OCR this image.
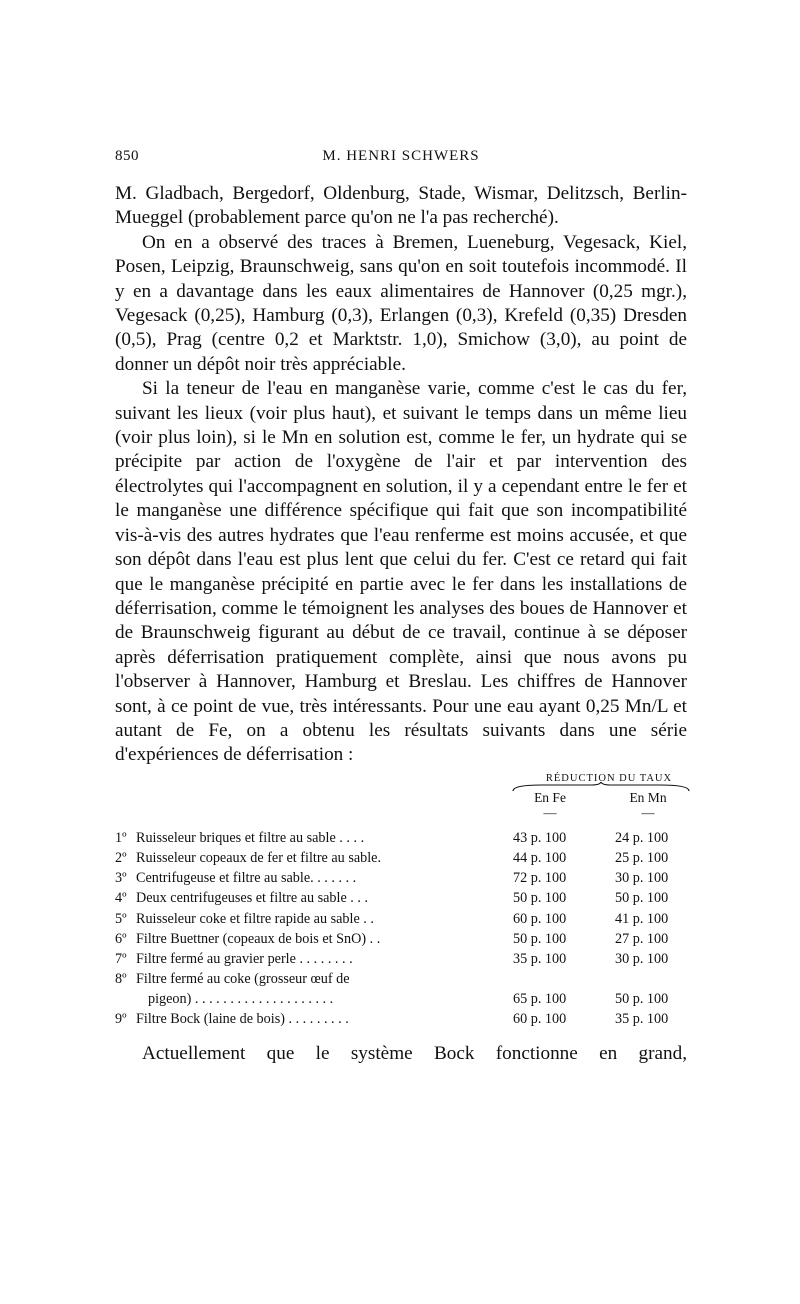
850	M. HENRI SCHWERS

M. Gladbach, Bergedorf, Oldenburg, Stade, Wismar, Delitzsch, Berlin-Mueggel (probablement parce qu'on ne l'a pas recherché).

On en a observé des traces à Bremen, Lueneburg, Vegesack, Kiel, Posen, Leipzig, Braunschweig, sans qu'on en soit toutefois incommodé. Il y en a davantage dans les eaux alimentaires de Hannover (0,25 mgr.), Vegesack (0,25), Hamburg (0,3), Erlangen (0,3), Krefeld (0,35) Dresden (0,5), Prag (centre 0,2 et Marktstr. 1,0), Smichow (3,0), au point de donner un dépôt noir très appréciable.

Si la teneur de l'eau en manganèse varie, comme c'est le cas du fer, suivant les lieux (voir plus haut), et suivant le temps dans un même lieu (voir plus loin), si le Mn en solution est, comme le fer, un hydrate qui se précipite par action de l'oxygène de l'air et par intervention des électrolytes qui l'accompagnent en solution, il y a cependant entre le fer et le manganèse une différence spécifique qui fait que son incompatibilité vis-à-vis des autres hydrates que l'eau renferme est moins accusée, et que son dépôt dans l'eau est plus lent que celui du fer. C'est ce retard qui fait que le manganèse précipité en partie avec le fer dans les installations de déferrisation, comme le témoignent les analyses des boues de Hannover et de Braunschweig figurant au début de ce travail, continue à se déposer après déferrisation pratiquement complète, ainsi que nous avons pu l'observer à Hannover, Hamburg et Breslau. Les chiffres de Hannover sont, à ce point de vue, très intéressants. Pour une eau ayant 0,25 Mn/L et autant de Fe, on a obtenu les résultats suivants dans une série d'expériences de déferrisation :

RÉDUCTION DU TAUX
En Fe	En Mn
—	—
1º Ruisseleur briques et filtre au sable . . . .	43 p. 100	24 p. 100
2º Ruisseleur copeaux de fer et filtre au sable.	44 p. 100	25 p. 100
3º Centrifugeuse et filtre au sable. . . . . . .	72 p. 100	30 p. 100
4º Deux centrifugeuses et filtre au sable . . .	50 p. 100	50 p. 100
5º Ruisseleur coke et filtre rapide au sable . .	60 p. 100	41 p. 100
6º Filtre Buettner (copeaux de bois et SnO) . .	50 p. 100	27 p. 100
7º Filtre fermé au gravier perle . . . . . . . .	35 p. 100	30 p. 100
8º Filtre fermé au coke (grosseur œuf de
pigeon) . . . . . . . . . . . . . . . . . . . .	65 p. 100	50 p. 100
9º Filtre Bock (laine de bois) . . . . . . . . .	60 p. 100	35 p. 100

Actuellement que le système Bock fonctionne en grand,
